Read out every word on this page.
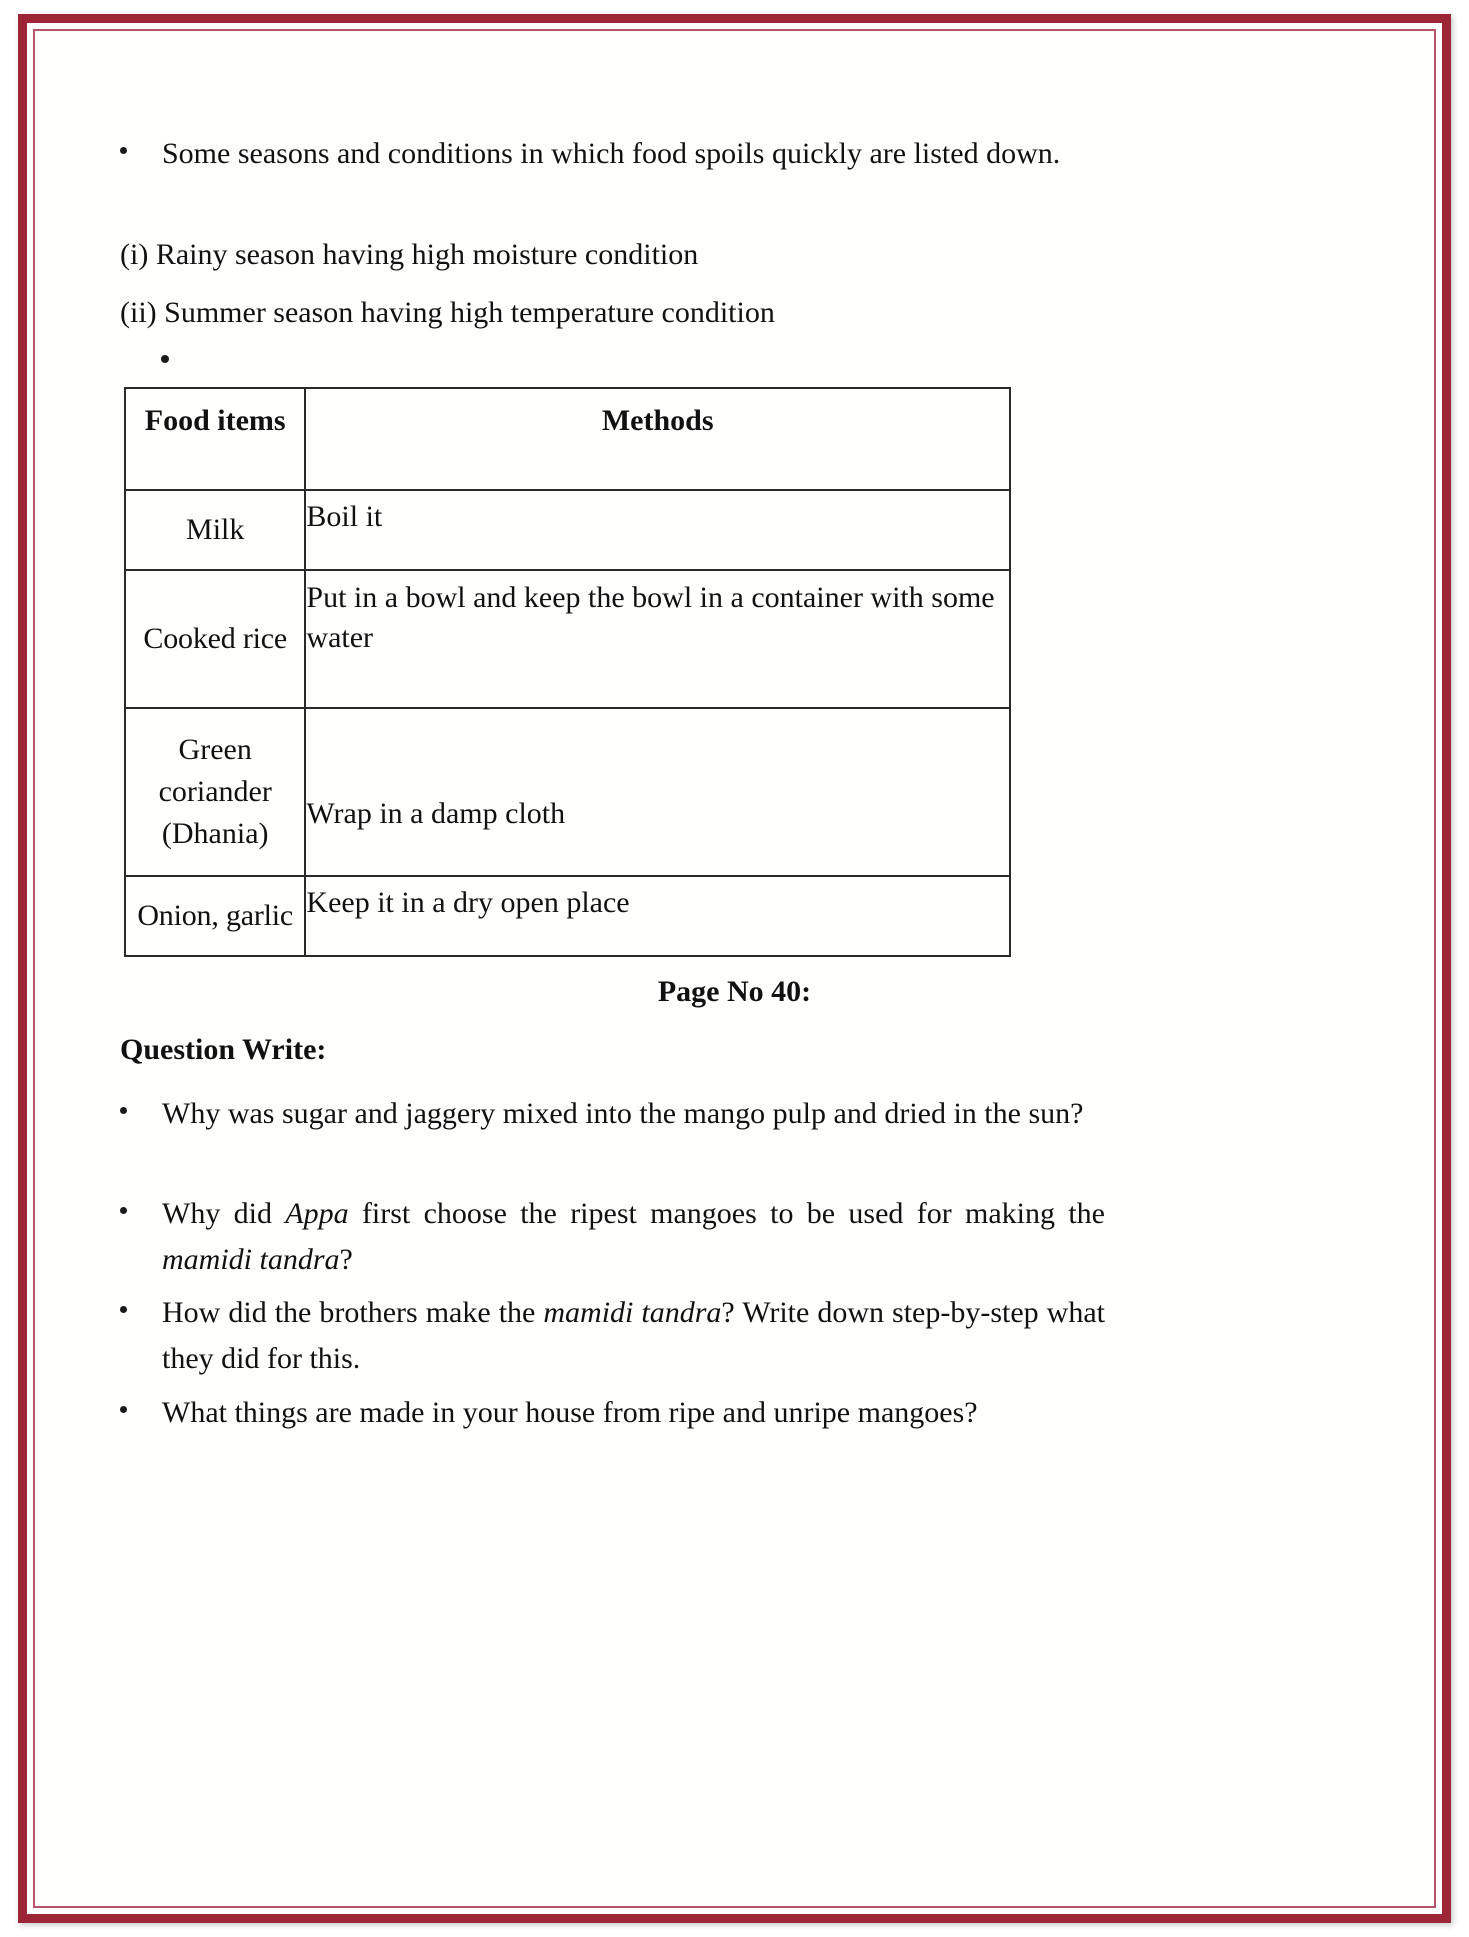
Some seasons and conditions in which food spoils quickly are listed down.
(i) Rainy season having high moisture condition
(ii) Summer season having high temperature condition
Food items	Methods
Milk	Boil it
Cooked rice	Put in a bowl and keep the bowl in a container with some water
Green
coriander
(Dhania)	Wrap in a damp cloth
Onion, garlic	Keep it in a dry open place
Page No 40:
Question Write:
Why was sugar and jaggery mixed into the mango pulp and dried in the sun?
Why did Appa first choose the ripest mangoes to be used for making the mamidi tandra?
How did the brothers make the mamidi tandra? Write down step-by-step what they did for this.
What things are made in your house from ripe and unripe mangoes?
